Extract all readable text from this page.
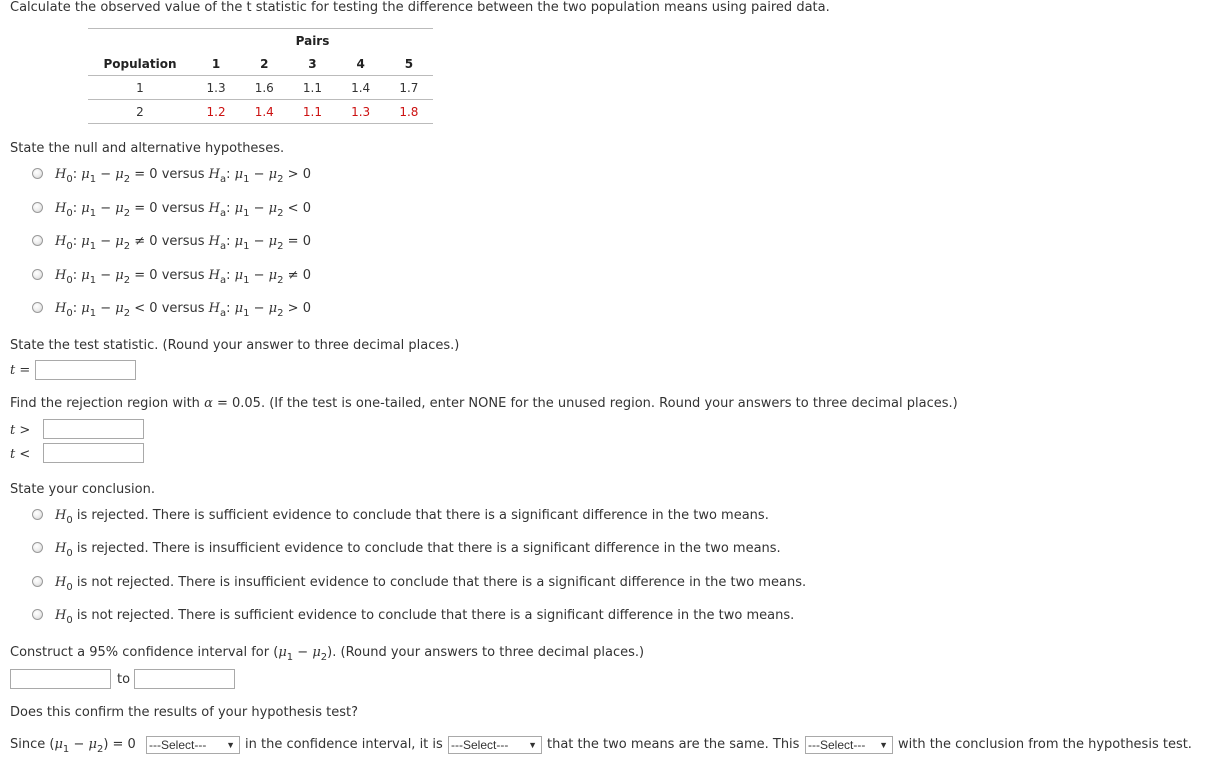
Calculate the observed value of the t statistic for testing the difference between the two population means using paired data.
	Pairs				
Population	1	2	3	4	5
1	1.3	1.6	1.1	1.4	1.7
2	1.2	1.4	1.1	1.3	1.8
State the null and alternative hypotheses.
$H_0$: $\mu_1 - \mu_2 = 0$ versus $H_a$: $\mu_1 - \mu_2 > 0$
$H_0$: $\mu_1 - \mu_2 = 0$ versus $H_a$: $\mu_1 - \mu_2 < 0$
$H_0$: $\mu_1 - \mu_2 \ne 0$ versus $H_a$: $\mu_1 - \mu_2 = 0$
$H_0$: $\mu_1 - \mu_2 = 0$ versus $H_a$: $\mu_1 - \mu_2 \ne 0$
$H_0$: $\mu_1 - \mu_2 < 0$ versus $H_a$: $\mu_1 - \mu_2 > 0$
State the test statistic. (Round your answer to three decimal places.)
t =
Find the rejection region with α = 0.05. (If the test is one-tailed, enter NONE for the unused region. Round your answers to three decimal places.)
t >
t <
State your conclusion.
$H_0$ is rejected. There is sufficient evidence to conclude that there is a significant difference in the two means.
$H_0$ is rejected. There is insufficient evidence to conclude that there is a significant difference in the two means.
$H_0$ is not rejected. There is insufficient evidence to conclude that there is a significant difference in the two means.
$H_0$ is not rejected. There is sufficient evidence to conclude that there is a significant difference in the two means.
Construct a 95% confidence interval for $(\mu_1 - \mu_2)$. (Round your answers to three decimal places.)
to
Does this confirm the results of your hypothesis test?
Since $(\mu_1 - \mu_2) = 0$ ---Select--- ▼ in the confidence interval, it is ---Select--- ▼ that the two means are the same. This ---Select--- ▼ with the conclusion from the hypothesis test.
